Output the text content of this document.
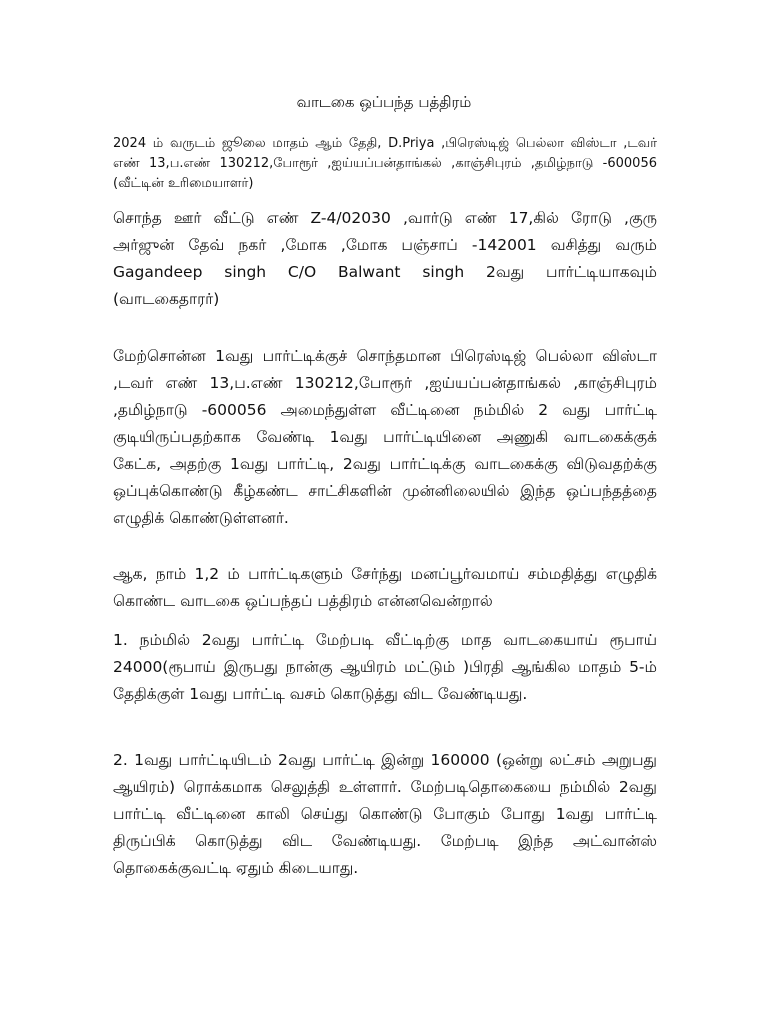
வாடகை ஒப்பந்த பத்திரம்

2024 ம் வருடம் ஜூலை மாதம் ஆம் தேதி, D.Priya ,பிரெஸ்டிஜ் பெல்லா விஸ்டா ,டவர் எண் 13,ப.எண் 130212,போரூர் ,ஐய்யப்பன்தாங்கல் ,காஞ்சிபுரம் ,தமிழ்நாடு -600056 (வீட்டின் உரிமையாளர்)

சொந்த ஊர் வீட்டு எண் Z-4/02030 ,வார்டு எண் 17,கில் ரோடு ,குரு அர்ஜுன் தேவ் நகர் ,மோக ,மோக பஞ்சாப் -142001 வசித்து வரும் Gagandeep singh C/O Balwant singh 2வது பார்ட்டியாகவும் (வாடகைதாரர்)

மேற்சொன்ன 1வது பார்ட்டிக்குச் சொந்தமான பிரெஸ்டிஜ் பெல்லா விஸ்டா ,டவர் எண் 13,ப.எண் 130212,போரூர் ,ஐய்யப்பன்தாங்கல் ,காஞ்சிபுரம் ,தமிழ்நாடு -600056 அமைந்துள்ள வீட்டினை நம்மில் 2 வது பார்ட்டி குடியிருப்பதற்காக வேண்டி 1வது பார்ட்டியினை அணுகி வாடகைக்குக் கேட்க, அதற்கு 1வது பார்ட்டி, 2வது பார்ட்டிக்கு வாடகைக்கு விடுவதற்க்கு ஒப்புக்கொண்டு கீழ்கண்ட சாட்சிகளின் முன்னிலையில் இந்த ஒப்பந்தத்தை எழுதிக் கொண்டுள்ளனர்.

ஆக, நாம் 1,2 ம் பார்ட்டிகளும் சேர்ந்து மனப்பூர்வமாய் சம்மதித்து எழுதிக் கொண்ட வாடகை ஒப்பந்தப் பத்திரம் என்னவென்றால்

1. நம்மில் 2வது பார்ட்டி மேற்படி வீட்டிற்கு மாத வாடகையாய் ரூபாய் 24000(ரூபாய் இருபது நான்கு ஆயிரம் மட்டும் )பிரதி ஆங்கில மாதம் 5-ம் தேதிக்குள் 1வது பார்ட்டி வசம் கொடுத்து விட வேண்டியது.

2. 1வது பார்ட்டியிடம் 2வது பார்ட்டி இன்று 160000 (ஒன்று லட்சம் அறுபது ஆயிரம்) ரொக்கமாக செலுத்தி உள்ளார். மேற்படிதொகையை நம்மில் 2வது பார்ட்டி வீட்டினை காலி செய்து கொண்டு போகும் போது 1வது பார்ட்டி திருப்பிக் கொடுத்து விட வேண்டியது. மேற்படி இந்த அட்வான்ஸ் தொகைக்குவட்டி ஏதும் கிடையாது.
